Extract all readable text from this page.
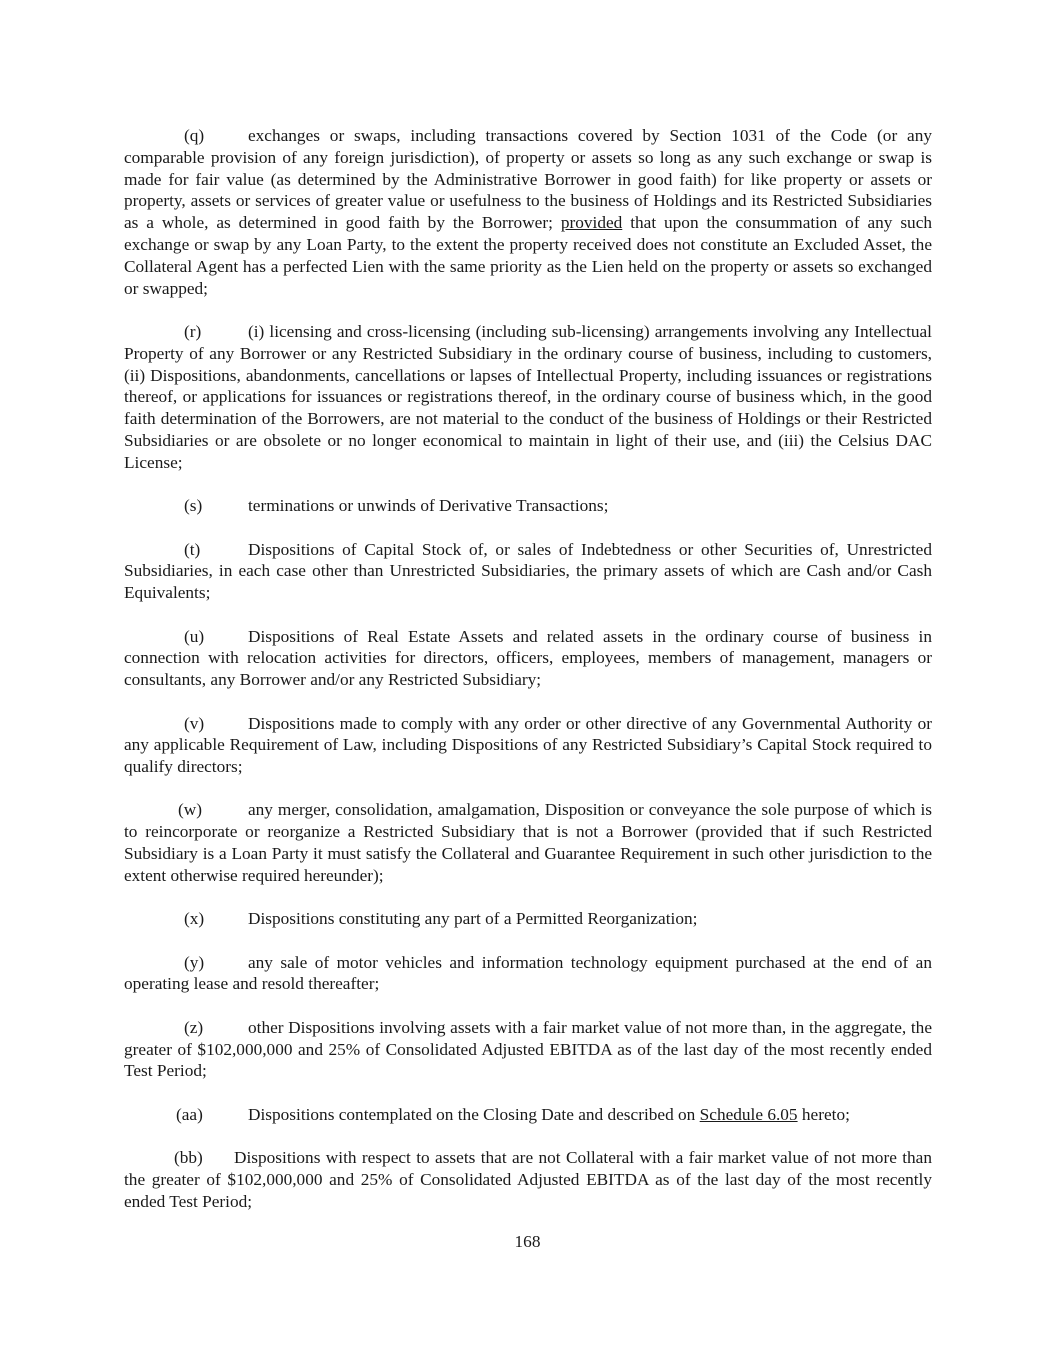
(q)	exchanges or swaps, including transactions covered by Section 1031 of the Code (or any comparable provision of any foreign jurisdiction), of property or assets so long as any such exchange or swap is made for fair value (as determined by the Administrative Borrower in good faith) for like property or assets or property, assets or services of greater value or usefulness to the business of Holdings and its Restricted Subsidiaries as a whole, as determined in good faith by the Borrower; provided that upon the consummation of any such exchange or swap by any Loan Party, to the extent the property received does not constitute an Excluded Asset, the Collateral Agent has a perfected Lien with the same priority as the Lien held on the property or assets so exchanged or swapped;

(r)	(i) licensing and cross-licensing (including sub-licensing) arrangements involving any Intellectual Property of any Borrower or any Restricted Subsidiary in the ordinary course of business, including to customers, (ii) Dispositions, abandonments, cancellations or lapses of Intellectual Property, including issuances or registrations thereof, or applications for issuances or registrations thereof, in the ordinary course of business which, in the good faith determination of the Borrowers, are not material to the conduct of the business of Holdings or their Restricted Subsidiaries or are obsolete or no longer economical to maintain in light of their use, and (iii) the Celsius DAC License;

(s)	terminations or unwinds of Derivative Transactions;

(t)	Dispositions of Capital Stock of, or sales of Indebtedness or other Securities of, Unrestricted Subsidiaries, in each case other than Unrestricted Subsidiaries, the primary assets of which are Cash and/or Cash Equivalents;

(u)	Dispositions of Real Estate Assets and related assets in the ordinary course of business in connection with relocation activities for directors, officers, employees, members of management, managers or consultants, any Borrower and/or any Restricted Subsidiary;

(v)	Dispositions made to comply with any order or other directive of any Governmental Authority or any applicable Requirement of Law, including Dispositions of any Restricted Subsidiary’s Capital Stock required to qualify directors;

(w)	any merger, consolidation, amalgamation, Disposition or conveyance the sole purpose of which is to reincorporate or reorganize a Restricted Subsidiary that is not a Borrower (provided that if such Restricted Subsidiary is a Loan Party it must satisfy the Collateral and Guarantee Requirement in such other jurisdiction to the extent otherwise required hereunder);

(x)	Dispositions constituting any part of a Permitted Reorganization;

(y)	any sale of motor vehicles and information technology equipment purchased at the end of an operating lease and resold thereafter;

(z)	other Dispositions involving assets with a fair market value of not more than, in the aggregate, the greater of $102,000,000 and 25% of Consolidated Adjusted EBITDA as of the last day of the most recently ended Test Period;

(aa)	Dispositions contemplated on the Closing Date and described on Schedule 6.05 hereto;

(bb) Dispositions with respect to assets that are not Collateral with a fair market value of not more than the greater of $102,000,000 and 25% of Consolidated Adjusted EBITDA as of the last day of the most recently ended Test Period;

168
